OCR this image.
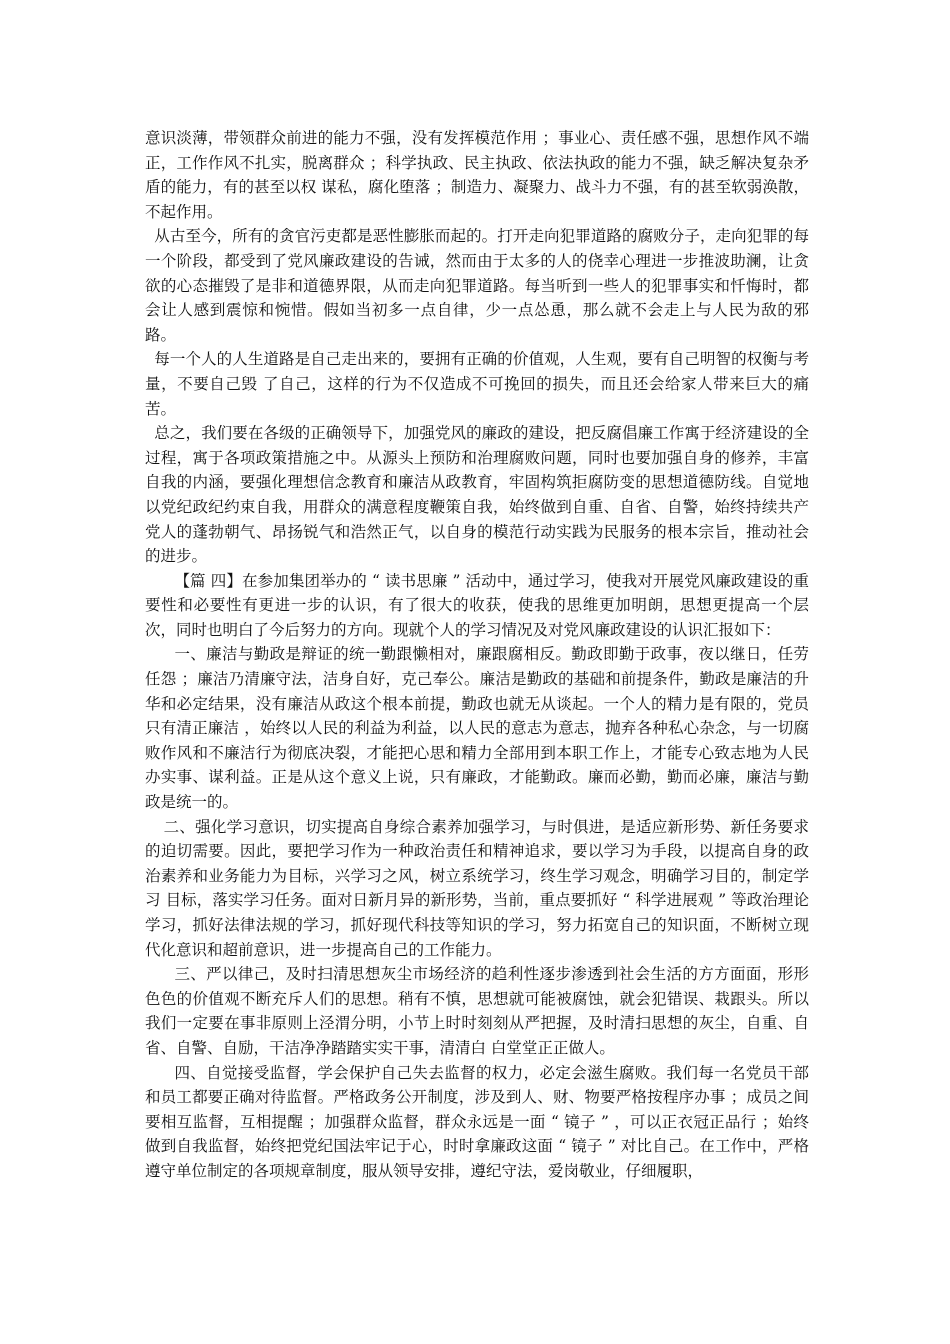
意识淡薄，带领群众前进的能力不强，没有发挥模范作用 ；事业心、责任感不强，思想作风不端正，工作作风不扎实，脱离群众 ；科学执政、民主执政、依法执政的能力不强，缺乏解决复杂矛盾的能力，有的甚至以权 谋私，腐化堕落 ；制造力、凝聚力、战斗力不强，有的甚至软弱涣散，不起作用。

从古至今，所有的贪官污吏都是恶性膨胀而起的。打开走向犯罪道路的腐败分子，走向犯罪的每一个阶段，都受到了党风廉政建设的告诫，然而由于太多的人的侥幸心理进一步推波助澜，让贪欲的心态摧毁了是非和道德界限，从而走向犯罪道路。每当听到一些人的犯罪事实和忏悔时，都会让人感到震惊和惋惜。假如当初多一点自律，少一点怂恿，那么就不会走上与人民为敌的邪路。

每一个人的人生道路是自己走出来的，要拥有正确的价值观，人生观，要有自己明智的权衡与考量，不要自己毁 了自己，这样的行为不仅造成不可挽回的损失，而且还会给家人带来巨大的痛苦。

总之，我们要在各级的正确领导下，加强党风的廉政的建设，把反腐倡廉工作寓于经济建设的全过程，寓于各项政策措施之中。从源头上预防和治理腐败问题，同时也要加强自身的修养，丰富自我的内涵，要强化理想信念教育和廉洁从政教育，牢固构筑拒腐防变的思想道德防线。自觉地以党纪政纪约束自我，用群众的满意程度鞭策自我，始终做到自重、自省、自警，始终持续共产党人的蓬勃朝气、昂扬锐气和浩然正气，以自身的模范行动实践为民服务的根本宗旨，推动社会的进步。

【篇 四】在参加集团举办的 “ 读书思廉 ” 活动中，通过学习，使我对开展党风廉政建设的重要性和必要性有更进一步的认识，有了很大的收获，使我的思维更加明朗，思想更提高一个层次，同时也明白了今后努力的方向。现就个人的学习情况及对党风廉政建设的认识汇报如下：

一、廉洁与勤政是辩证的统一勤跟懒相对，廉跟腐相反。勤政即勤于政事，夜以继日，任劳任怨 ；廉洁乃清廉守法，洁身自好，克己奉公。廉洁是勤政的基础和前提条件，勤政是廉洁的升华和必定结果，没有廉洁从政这个根本前提，勤政也就无从谈起。一个人的精力是有限的，党员只有清正廉洁 ，始终以人民的利益为利益，以人民的意志为意志，抛弃各种私心杂念，与一切腐败作风和不廉洁行为彻底决裂，才能把心思和精力全部用到本职工作上，才能专心致志地为人民办实事、谋利益。正是从这个意义上说，只有廉政，才能勤政。廉而必勤，勤而必廉，廉洁与勤政是统一的。

二、强化学习意识，切实提高自身综合素养加强学习，与时俱进，是适应新形势、新任务要求的迫切需要。因此，要把学习作为一种政治责任和精神追求，要以学习为手段，以提高自身的政治素养和业务能力为目标，兴学习之风，树立系统学习，终生学习观念，明确学习目的，制定学习 目标，落实学习任务。面对日新月异的新形势，当前，重点要抓好 “ 科学进展观 ” 等政治理论学习，抓好法律法规的学习，抓好现代科技等知识的学习，努力拓宽自己的知识面，不断树立现代化意识和超前意识，进一步提高自己的工作能力。

三、严以律己，及时扫清思想灰尘市场经济的趋利性逐步渗透到社会生活的方方面面，形形色色的价值观不断充斥人们的思想。稍有不慎，思想就可能被腐蚀，就会犯错误、栽跟头。所以我们一定要在事非原则上泾渭分明，小节上时时刻刻从严把握，及时清扫思想的灰尘，自重、自省、自警、自励，干洁净净踏踏实实干事，清清白 白堂堂正正做人。

四、自觉接受监督，学会保护自己失去监督的权力，必定会滋生腐败。我们每一名党员干部和员工都要正确对待监督。严格政务公开制度，涉及到人、财、物要严格按程序办事 ；成员之间要相互监督，互相提醒 ；加强群众监督，群众永远是一面 “ 镜子 ” ，可以正衣冠正品行 ；始终做到自我监督，始终把党纪国法牢记于心，时时拿廉政这面 “ 镜子 ” 对比自己。在工作中，严格遵守单位制定的各项规章制度，服从领导安排，遵纪守法，爱岗敬业，仔细履职，
